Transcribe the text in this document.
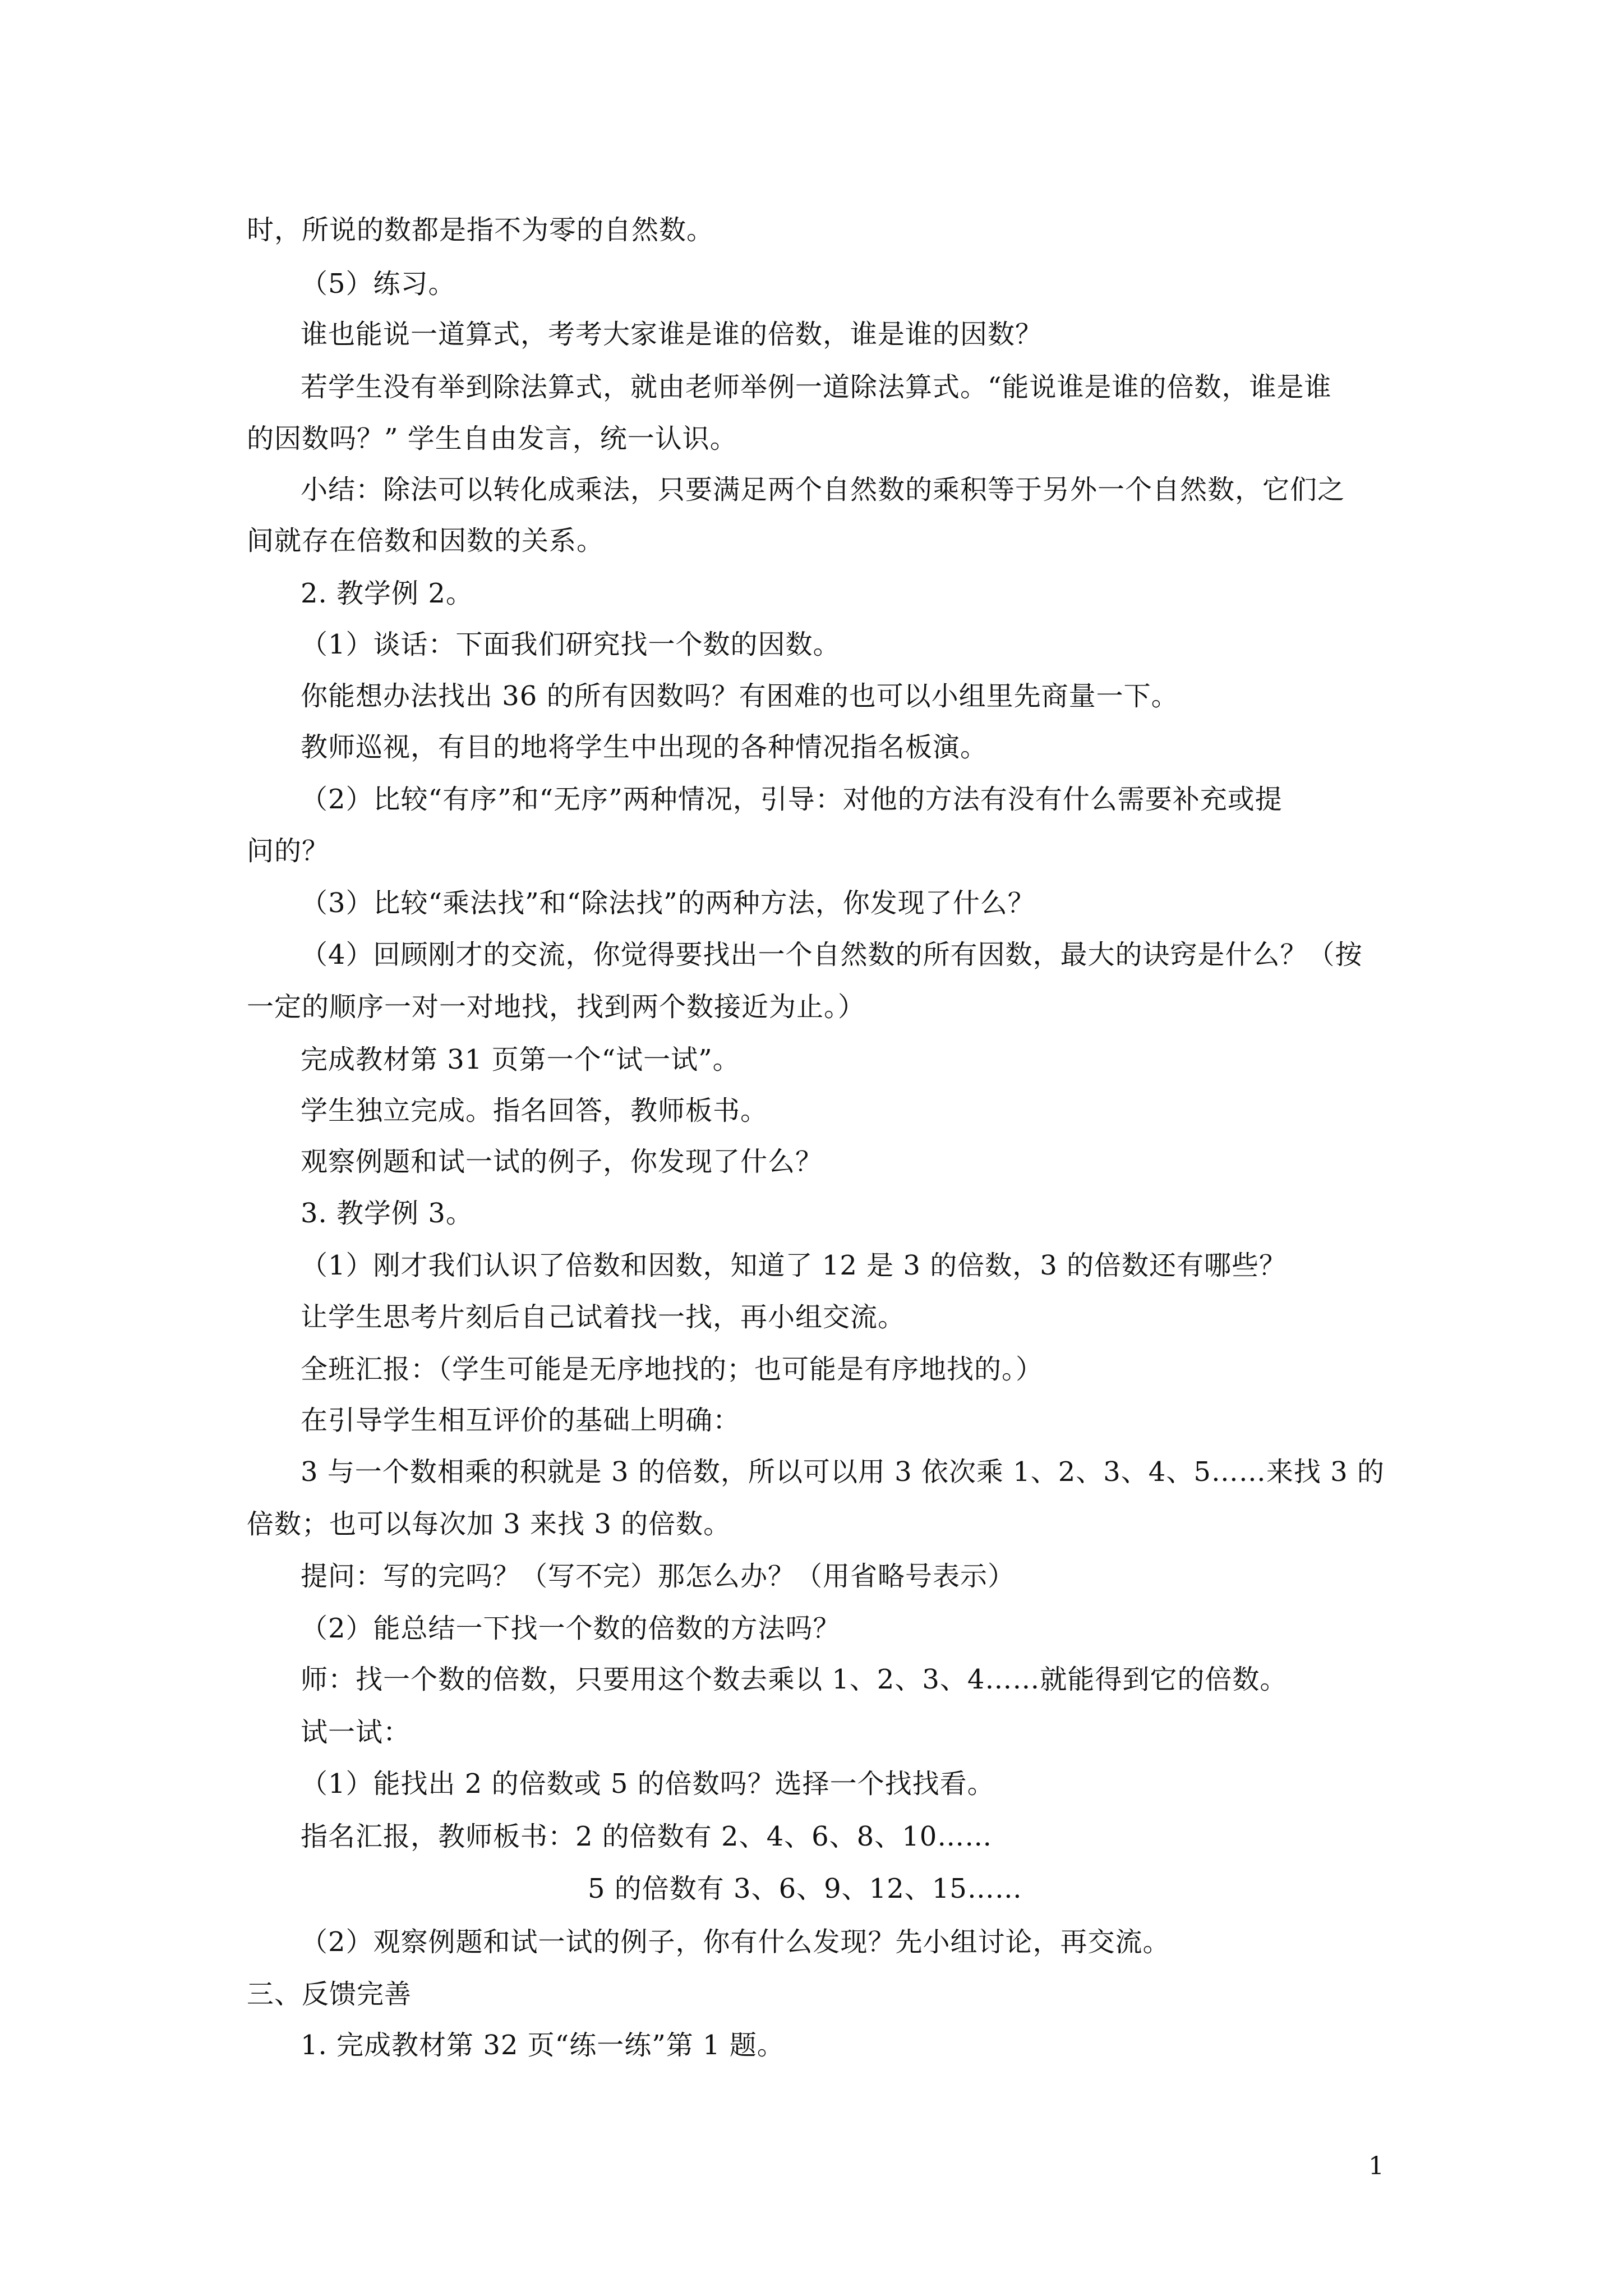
时，所说的数都是指不为零的自然数。
（5）练习。
谁也能说一道算式，考考大家谁是谁的倍数，谁是谁的因数？
若学生没有举到除法算式，就由老师举例一道除法算式。“能说谁是谁的倍数，谁是谁
的因数吗？” 学生自由发言，统一认识。
小结：除法可以转化成乘法，只要满足两个自然数的乘积等于另外一个自然数，它们之
间就存在倍数和因数的关系。
2. 教学例 2。
（1）谈话：下面我们研究找一个数的因数。
你能想办法找出 36 的所有因数吗？有困难的也可以小组里先商量一下。
教师巡视，有目的地将学生中出现的各种情况指名板演。
（2）比较“有序”和“无序”两种情况，引导：对他的方法有没有什么需要补充或提
问的？
（3）比较“乘法找”和“除法找”的两种方法，你发现了什么？
（4）回顾刚才的交流，你觉得要找出一个自然数的所有因数，最大的诀窍是什么？（按
一定的顺序一对一对地找，找到两个数接近为止。）
完成教材第 31 页第一个“试一试”。
学生独立完成。指名回答，教师板书。
观察例题和试一试的例子，你发现了什么？
3. 教学例 3。
（1）刚才我们认识了倍数和因数，知道了 12 是 3 的倍数，3 的倍数还有哪些？
让学生思考片刻后自己试着找一找，再小组交流。
全班汇报：（学生可能是无序地找的；也可能是有序地找的。）
在引导学生相互评价的基础上明确：
3 与一个数相乘的积就是 3 的倍数，所以可以用 3 依次乘 1、2、3、4、5……来找 3 的
倍数；也可以每次加 3 来找 3 的倍数。
提问：写的完吗？（写不完）那怎么办？（用省略号表示）
（2）能总结一下找一个数的倍数的方法吗？
师：找一个数的倍数，只要用这个数去乘以 1、2、3、4……就能得到它的倍数。
试一试：
（1）能找出 2 的倍数或 5 的倍数吗？选择一个找找看。
指名汇报，教师板书：2 的倍数有 2、4、6、8、10……
5 的倍数有 3、6、9、12、15……
（2）观察例题和试一试的例子，你有什么发现？先小组讨论，再交流。
三、反馈完善
1. 完成教材第 32 页“练一练”第 1 题。
1
